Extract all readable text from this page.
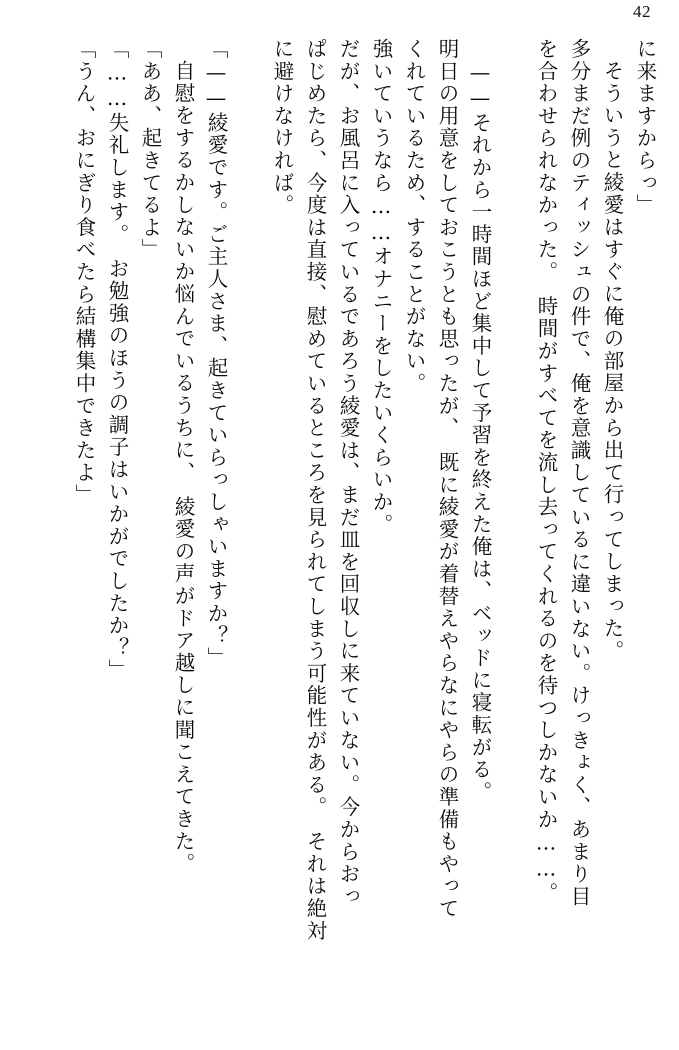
42
に来ますからっ」
そういうと綾愛はすぐに俺の部屋から出て行ってしまった。
多分まだ例のティッシュの件で、俺を意識しているに違いない。けっきょく、あまり目
を合わせられなかった。　時間がすべてを流し去ってくれるのを待つしかないか……。
　——それから一時間ほど集中して予習を終えた俺は、ベッドに寝転がる。
明日の用意をしておこうとも思ったが、　既に綾愛が着替えやらなにやらの準備もやって
くれているため、することがない。
強いていうなら……オナニーをしたいくらいか。
だが、お風呂に入っているであろう綾愛は、まだ皿を回収しに来ていない。今からおっ
ぱじめたら、今度は直接、慰めているところを見られてしまう可能性がある。　それは絶対
に避けなければ。
「——綾愛です。ご主人さま、起きていらっしゃいますか？」
自慰をするかしないか悩んでいるうちに、　綾愛の声がドア越しに聞こえてきた。
「ああ、起きてるよ」
「……失礼します。　お勉強のほうの調子はいかがでしたか？」
「うん、おにぎり食べたら結構集中できたよ」
